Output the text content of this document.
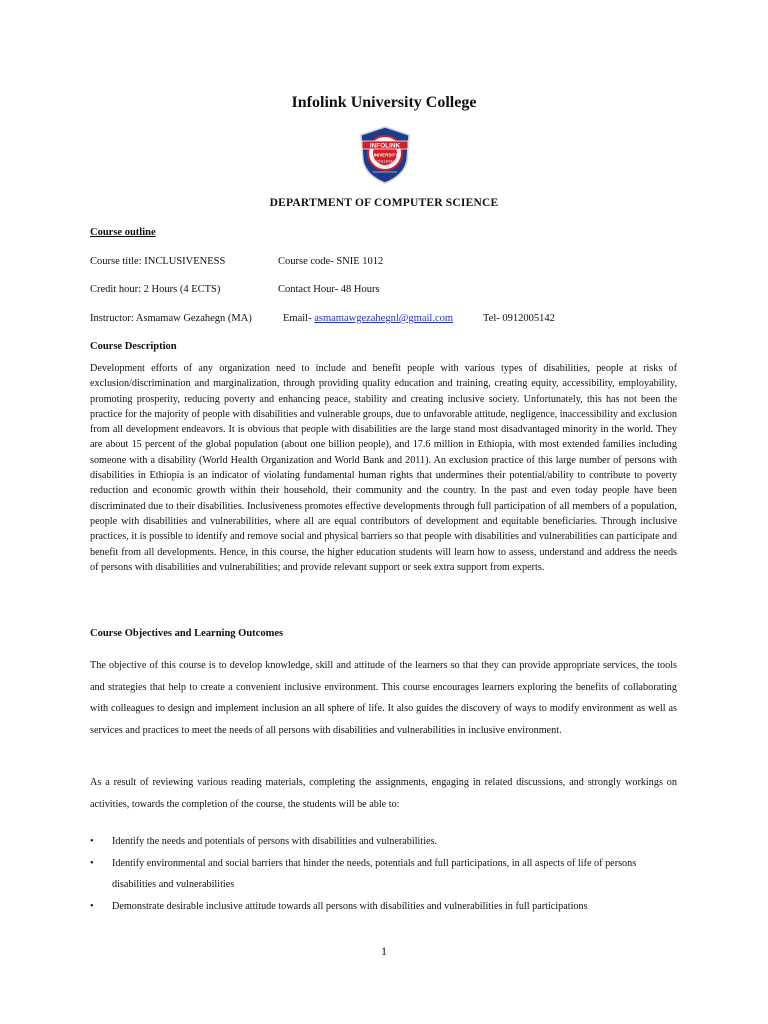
Infolink University College
INFOLINK
UNIVERSITY
COLLEGE
DEPARTMENT OF COMPUTER SCIENCE
Course outline
Course title: INCLUSIVENESS	Course code- SNIE 1012
Credit hour: 2 Hours (4 ECTS)	Contact Hour- 48 Hours
Instructor: Asmamaw Gezahegn (MA)	Email- asmamawgezahegnl@gmail.com	Tel- 0912005142
Course Description

Development efforts of any organization need to include and benefit people with various types of disabilities, people at risks of exclusion/discrimination and marginalization, through providing quality education and training, creating equity, accessibility, employability, promoting prosperity, reducing poverty and enhancing peace, stability and creating inclusive society. Unfortunately, this has not been the practice for the majority of people with disabilities and vulnerable groups, due to unfavorable attitude, negligence, inaccessibility and exclusion from all development endeavors. It is obvious that people with disabilities are the large stand most disadvantaged minority in the world. They are about 15 percent of the global population (about one billion people), and 17.6 million in Ethiopia, with most extended families including someone with a disability (World Health Organization and World Bank and 2011). An exclusion practice of this large number of persons with disabilities in Ethiopia is an indicator of violating fundamental human rights that undermines their potential/ability to contribute to poverty reduction and economic growth within their household, their community and the country. In the past and even today people have been discriminated due to their disabilities. Inclusiveness promotes effective developments through full participation of all members of a population, people with disabilities and vulnerabilities, where all are equal contributors of development and equitable beneficiaries. Through inclusive practices, it is possible to identify and remove social and physical barriers so that people with disabilities and vulnerabilities can participate and benefit from all developments. Hence, in this course, the higher education students will learn how to assess, understand and address the needs of persons with disabilities and vulnerabilities; and provide relevant support or seek extra support from experts.

Course Objectives and Learning Outcomes

The objective of this course is to develop knowledge, skill and attitude of the learners so that they can provide appropriate services, the tools and strategies that help to create a convenient inclusive environment. This course encourages learners exploring the benefits of collaborating with colleagues to design and implement inclusion an all sphere of life. It also guides the discovery of ways to modify environment as well as services and practices to meet the needs of all persons with disabilities and vulnerabilities in inclusive environment.

As a result of reviewing various reading materials, completing the assignments, engaging in related discussions, and strongly workings on activities, towards the completion of the course, the students will be able to:

• Identify the needs and potentials of persons with disabilities and vulnerabilities.
• Identify environmental and social barriers that hinder the needs, potentials and full participations, in all aspects of life of persons disabilities and vulnerabilities
• Demonstrate desirable inclusive attitude towards all persons with disabilities and vulnerabilities in full participations
1
